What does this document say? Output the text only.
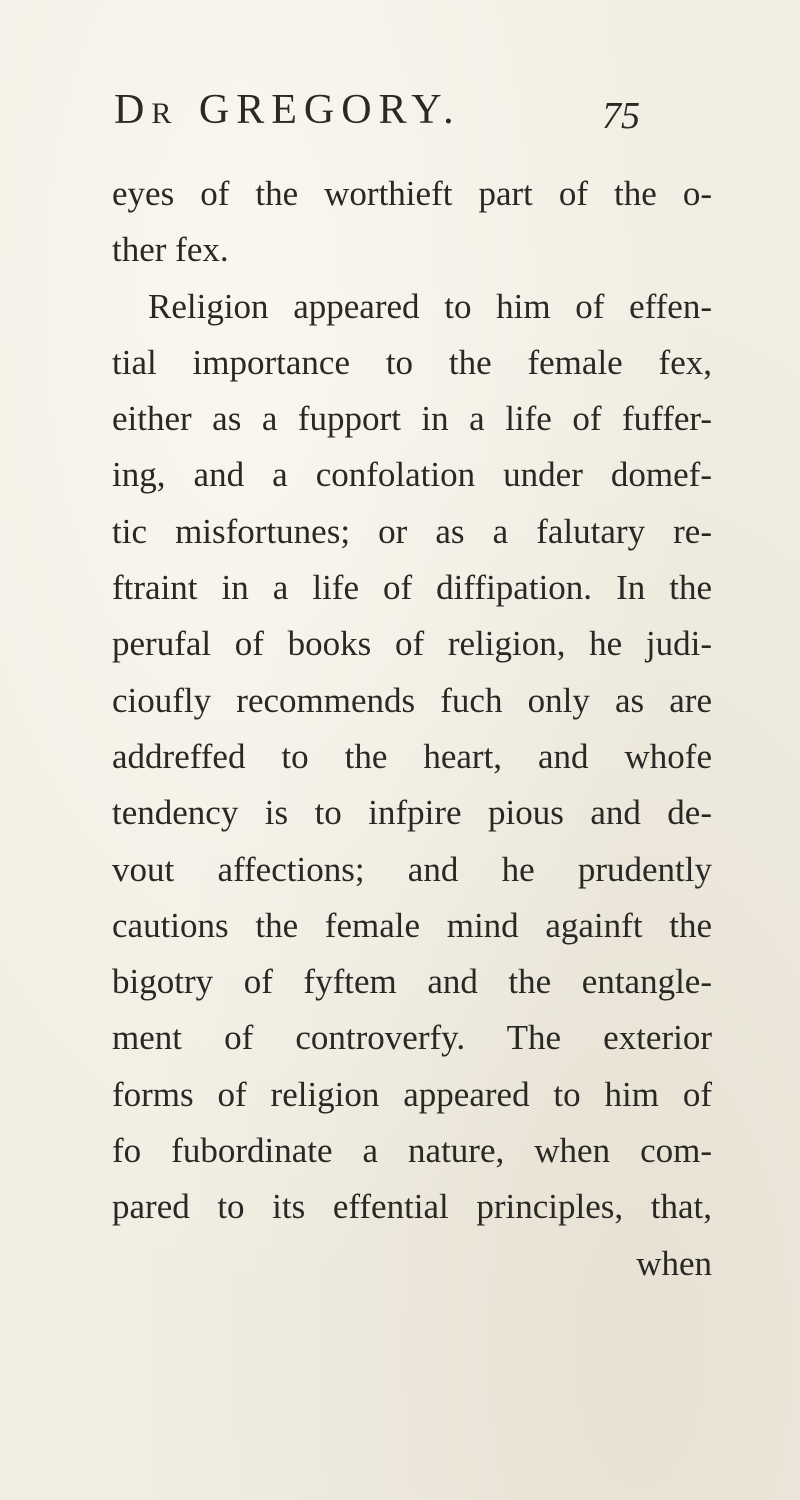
DR GREGORY.	75
eyes of the worthieft part of the o-
ther fex.
Religion appeared to him of effen-
tial importance to the female fex,
either as a fupport in a life of fuffer-
ing, and a confolation under domef-
tic misfortunes; or as a falutary re-
ftraint in a life of diffipation. In the
perufal of books of religion, he judi-
cioufly recommends fuch only as are
addreffed to the heart, and whofe
tendency is to infpire pious and de-
vout affections; and he prudently
cautions the female mind againft the
bigotry of fyftem and the entangle-
ment of controverfy. The exterior
forms of religion appeared to him of
fo fubordinate a nature, when com-
pared to its effential principles, that,
when
